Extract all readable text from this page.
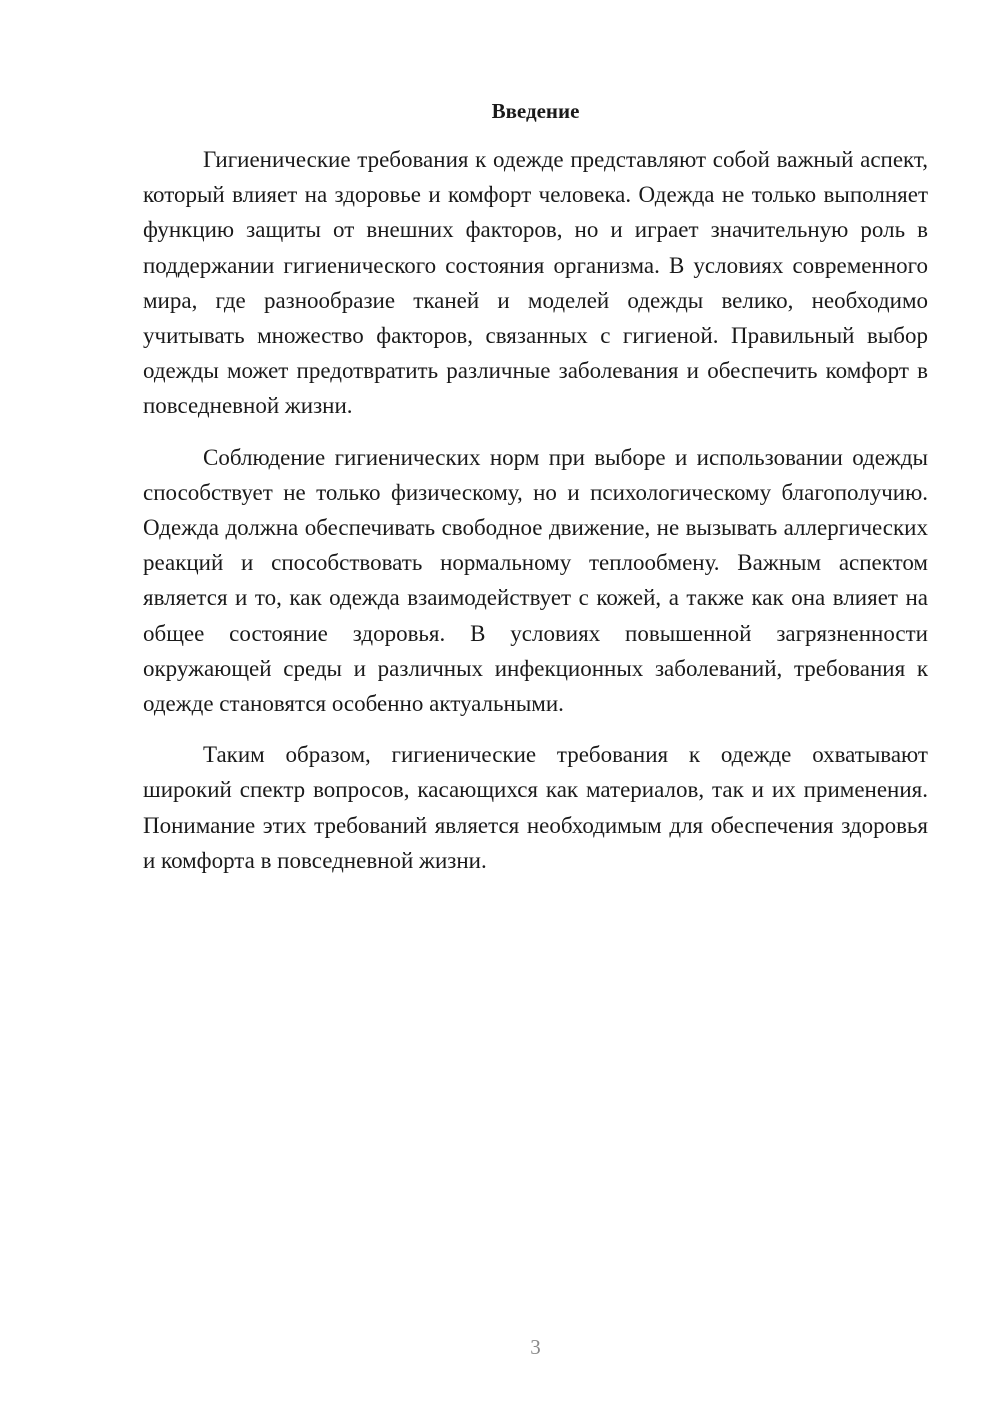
Введение

Гигиенические требования к одежде представляют собой важный аспект, который влияет на здоровье и комфорт человека. Одежда не только выполняет функцию защиты от внешних факторов, но и играет значительную роль в поддержании гигиенического состояния организма. В условиях современного мира, где разнообразие тканей и моделей одежды велико, необходимо учитывать множество факторов, связанных с гигиеной. Правильный выбор одежды может предотвратить различные заболевания и обеспечить комфорт в повседневной жизни.

Соблюдение гигиенических норм при выборе и использовании одежды способствует не только физическому, но и психологическому благополучию. Одежда должна обеспечивать свободное движение, не вызывать аллергических реакций и способствовать нормальному теплообмену. Важным аспектом является и то, как одежда взаимодействует с кожей, а также как она влияет на общее состояние здоровья. В условиях повышенной загрязненности окружающей среды и различных инфекционных заболеваний, требования к одежде становятся особенно актуальными.

Таким образом, гигиенические требования к одежде охватывают широкий спектр вопросов, касающихся как материалов, так и их применения. Понимание этих требований является необходимым для обеспечения здоровья и комфорта в повседневной жизни.

3
